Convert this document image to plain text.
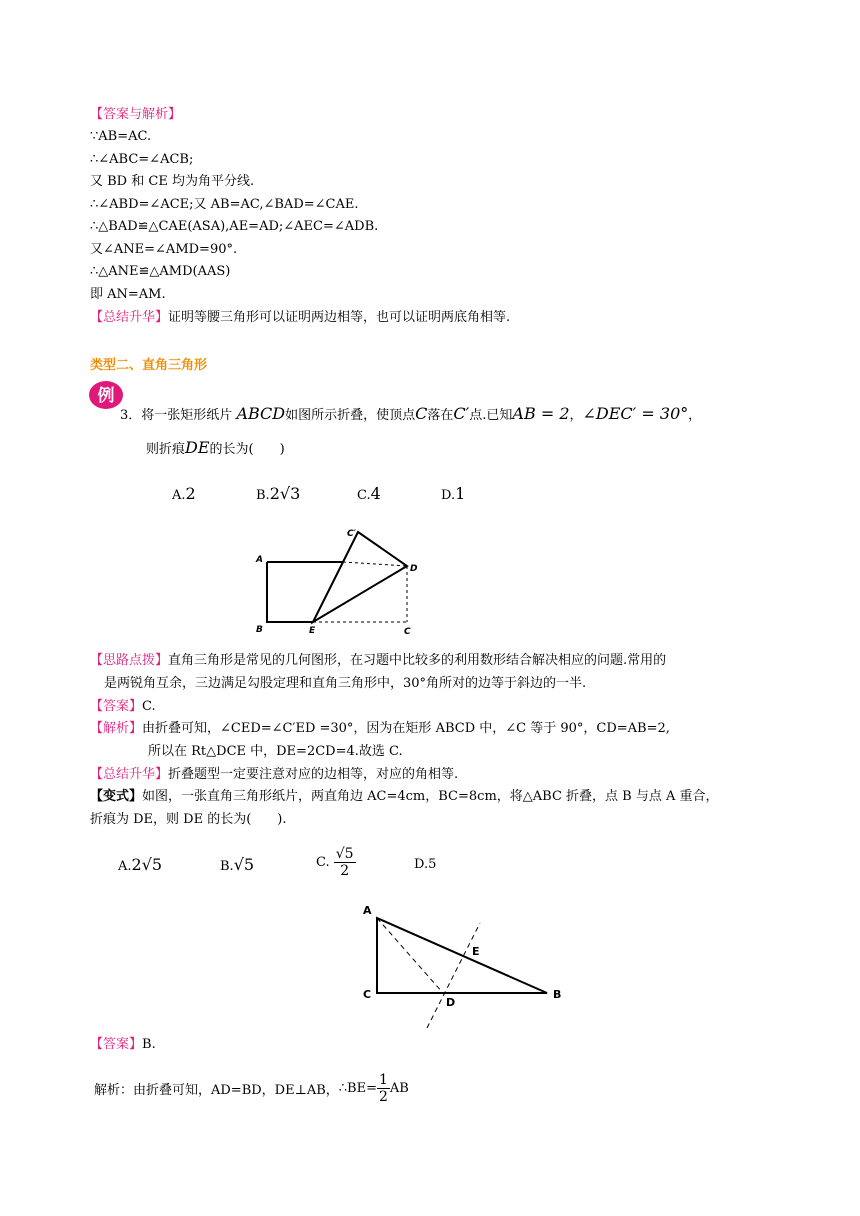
【答案与解析】
∵AB=AC.
∴∠ABC=∠ACB;
又 BD 和 CE 均为角平分线.
∴∠ABD=∠ACE;又 AB=AC,∠BAD=∠CAE.
∴△BAD≌△CAE(ASA),AE=AD;∠AEC=∠ADB.
又∠ANE=∠AMD=90°.
∴△ANE≌△AMD(AAS)
即 AN=AM.
【总结升华】证明等腰三角形可以证明两边相等，也可以证明两底角相等.
类型二、直角三角形
例
3．将一张矩形纸片 ABCD如图所示折叠，使顶点C落在C′点.已知AB = 2，∠DEC′ = 30°，
则折痕DE的长为(　　)
A.2	B.2√3	C.4	D.1
A
B	E	C
D
C′
【思路点拨】直角三角形是常见的几何图形，在习题中比较多的利用数形结合解决相应的问题.常用的
是两锐角互余，三边满足勾股定理和直角三角形中，30°角所对的边等于斜边的一半.
【答案】C.
【解析】由折叠可知，∠CED=∠C′ED =30°，因为在矩形 ABCD 中，∠C 等于 90°，CD=AB=2,
所以在 Rt△DCE 中，DE=2CD=4.故选 C.
【总结升华】折叠题型一定要注意对应的边相等，对应的角相等.
【变式】如图，一张直角三角形纸片，两直角边 AC=4cm，BC=8cm，将△ABC 折叠，点 B 与点 A 重合，
折痕为 DE，则 DE 的长为(　　).
A.2√5	B.√5	C. $\frac{√5}{2}$	D.5
A
C	B
D
E
【答案】B.
解析：由折叠可知，AD=BD，DE⊥AB，∴BE= $\frac{1}{2}$ AB
